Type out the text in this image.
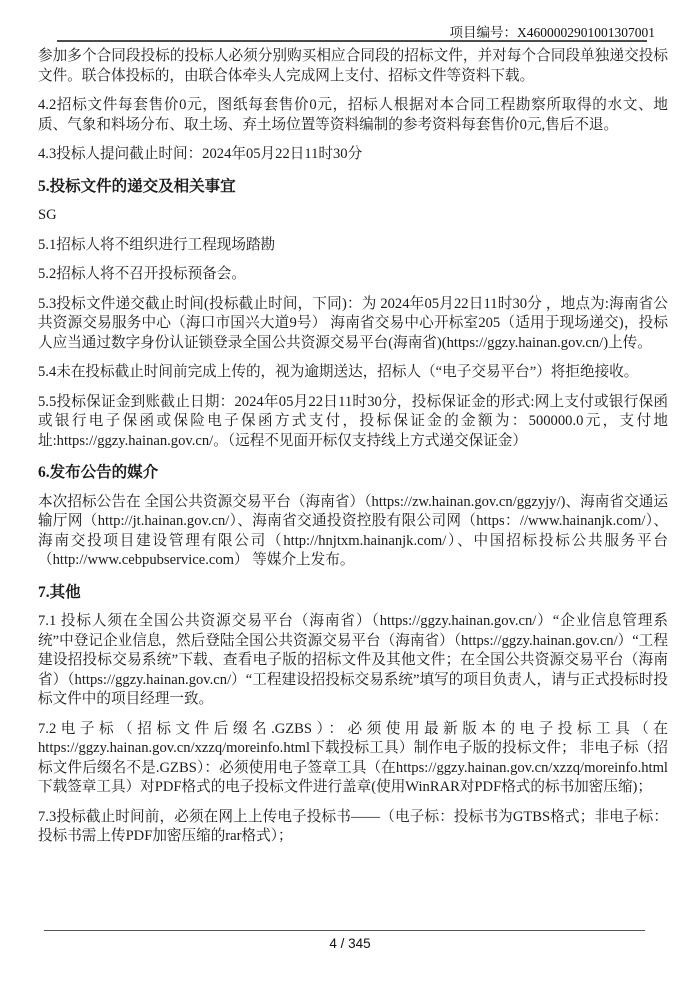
项目编号：X4600002901001307001
参加多个合同段投标的投标人必须分别购买相应合同段的招标文件，并对每个合同段单独递交投标文件。联合体投标的，由联合体牵头人完成网上支付、招标文件等资料下载。
4.2招标文件每套售价0元，图纸每套售价0元，招标人根据对本合同工程勘察所取得的水文、地质、气象和料场分布、取土场、弃土场位置等资料编制的参考资料每套售价0元,售后不退。
4.3投标人提问截止时间：2024年05月22日11时30分
5.投标文件的递交及相关事宜
SG
5.1招标人将不组织进行工程现场踏勘
5.2招标人将不召开投标预备会。
5.3投标文件递交截止时间(投标截止时间，下同)：为 2024年05月22日11时30分 ，地点为:海南省公共资源交易服务中心（海口市国兴大道9号） 海南省交易中心开标室205（适用于现场递交)，投标人应当通过数字身份认证锁登录全国公共资源交易平台(海南省)(https://ggzy.hainan.gov.cn/)上传。
5.4未在投标截止时间前完成上传的，视为逾期送达，招标人（“电子交易平台”）将拒绝接收。
5.5投标保证金到账截止日期：2024年05月22日11时30分，投标保证金的形式:网上支付或银行保函或银行电子保函或保险电子保函方式支付，投标保证金的金额为：500000.0元，支付地址:https://ggzy.hainan.gov.cn/。（远程不见面开标仅支持线上方式递交保证金）
6.发布公告的媒介
本次招标公告在 全国公共资源交易平台（海南省）（https://zw.hainan.gov.cn/ggzyjy/)、海南省交通运输厅网（http://jt.hainan.gov.cn/）、海南省交通投资控股有限公司网（https：//www.hainanjk.com/）、海南交投项目建设管理有限公司（http://hnjtxm.hainanjk.com/）、中国招标投标公共服务平台（http://www.cebpubservice.com） 等媒介上发布。
7.其他
7.1 投标人须在全国公共资源交易平台（海南省）（https://ggzy.hainan.gov.cn/）“企业信息管理系统”中登记企业信息，然后登陆全国公共资源交易平台（海南省）（https://ggzy.hainan.gov.cn/）“工程建设招投标交易系统”下载、查看电子版的招标文件及其他文件；在全国公共资源交易平台（海南省）（https://ggzy.hainan.gov.cn/）“工程建设招投标交易系统”填写的项目负责人，请与正式投标时投标文件中的项目经理一致。
7.2电子标（招标文件后缀名.GZBS）：必须使用最新版本的电子投标工具（在https://ggzy.hainan.gov.cn/xzzq/moreinfo.html下载投标工具）制作电子版的投标文件； 非电子标（招标文件后缀名不是.GZBS）：必须使用电子签章工具（在https://ggzy.hainan.gov.cn/xzzq/moreinfo.html下载签章工具）对PDF格式的电子投标文件进行盖章(使用WinRAR对PDF格式的标书加密压缩)；
7.3投标截止时间前，必须在网上上传电子投标书——（电子标：投标书为GTBS格式；非电子标：投标书需上传PDF加密压缩的rar格式）；
4 / 345
